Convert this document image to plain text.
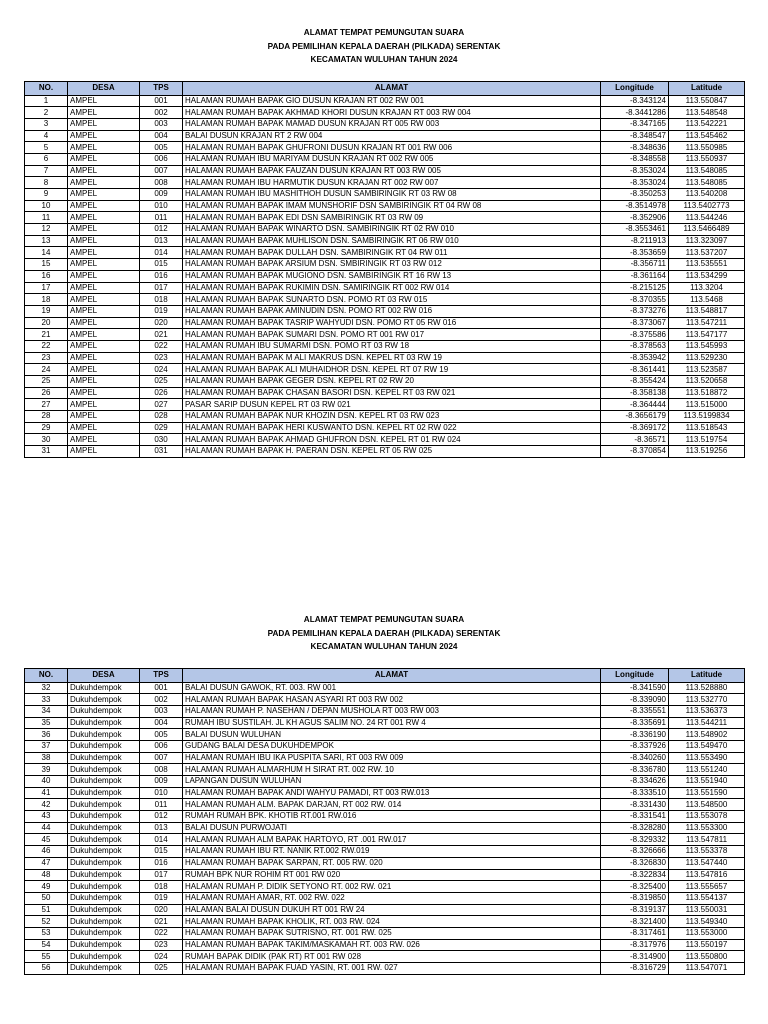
ALAMAT TEMPAT PEMUNGUTAN SUARA
PADA PEMILIHAN KEPALA DAERAH (PILKADA) SERENTAK
KECAMATAN WULUHAN TAHUN 2024
NO.	DESA	TPS	ALAMAT	Longitude	Latitude
1	AMPEL	001	HALAMAN RUMAH BAPAK GIO DUSUN KRAJAN RT 002 RW 001	-8.343124	113.550847
2	AMPEL	002	HALAMAN RUMAH BAPAK AKHMAD KHORI DUSUN KRAJAN RT 003 RW 004	-8.3441286	113.548548
3	AMPEL	003	HALAMAN RUMAH BAPAK MAMAD DUSUN KRAJAN RT 005 RW 003	-8.347165	113.542221
4	AMPEL	004	BALAI DUSUN KRAJAN RT 2 RW 004	-8.348547	113.545462
5	AMPEL	005	HALAMAN RUMAH BAPAK GHUFRONI DUSUN KRAJAN RT 001 RW 006	-8.348636	113.550985
6	AMPEL	006	HALAMAN RUMAH IBU MARIYAM DUSUN KRAJAN RT 002 RW 005	-8.348558	113.550937
7	AMPEL	007	HALAMAN RUMAH BAPAK FAUZAN DUSUN KRAJAN RT 003 RW 005	-8.353024	113.548085
8	AMPEL	008	HALAMAN RUMAH IBU HARMUTIK DUSUN KRAJAN RT 002 RW 007	-8.353024	113.548085
9	AMPEL	009	HALAMAN RUMAH IBU MASHITHOH DUSUN SAMBIRINGIK RT 03 RW 08	-8.350253	113.540208
10	AMPEL	010	HALAMAN RUMAH BAPAK IMAM MUNSHORIF DSN SAMBIRINGIK RT 04 RW 08	-8.3514978	113.5402773
11	AMPEL	011	HALAMAN RUMAH BAPAK EDI DSN SAMBIRINGIK RT 03 RW 09	-8.352906	113.544246
12	AMPEL	012	HALAMAN RUMAH BAPAK WINARTO DSN. SAMBIRINGIK RT 02 RW 010	-8.3553461	113.5466489
13	AMPEL	013	HALAMAN RUMAH BAPAK MUHLISON DSN. SAMBIRINGIK RT 06 RW 010	-8.211913	113.323097
14	AMPEL	014	HALAMAN RUMAH BAPAK DULLAH DSN. SAMBIRINGIK RT 04 RW 011	-8.353659	113.537207
15	AMPEL	015	HALAMAN RUMAH BAPAK ARSIUM DSN. SMBIRINGIK RT 03 RW 012	-8.356711	113.535551
16	AMPEL	016	HALAMAN RUMAH BAPAK MUGIONO DSN. SAMBIRINGIK RT 16 RW 13	-8.361164	113.534299
17	AMPEL	017	HALAMAN RUMAH BAPAK RUKIMIN DSN. SAMIRINGIK RT 002 RW 014	-8.215125	113.3204
18	AMPEL	018	HALAMAN RUMAH BAPAK SUNARTO DSN. POMO RT 03 RW 015	-8.370355	113.5468
19	AMPEL	019	HALAMAN RUMAH BAPAK AMINUDIN DSN. POMO RT 002 RW 016	-8.373276	113.548817
20	AMPEL	020	HALAMAN RUMAH BAPAK TASRIP WAHYUDI DSN. POMO RT 05 RW 016	-8.373067	113.547211
21	AMPEL	021	HALAMAN RUMAH BAPAK SUMARI DSN. POMO RT 001 RW 017	-8.375586	113.547177
22	AMPEL	022	HALAMAN RUMAH IBU SUMARMI DSN. POMO RT 03 RW 18	-8.378563	113.545993
23	AMPEL	023	HALAMAN RUMAH BAPAK M ALI MAKRUS DSN. KEPEL RT 03 RW 19	-8.353942	113.529230
24	AMPEL	024	HALAMAN RUMAH BAPAK ALI MUHAIDHOR DSN. KEPEL RT 07 RW 19	-8.361441	113.523587
25	AMPEL	025	HALAMAN RUMAH BAPAK GEGER DSN. KEPEL RT 02 RW 20	-8.355424	113.520658
26	AMPEL	026	HALAMAN RUMAH BAPAK CHASAN BASORI DSN. KEPEL RT 03 RW 021	-8.358138	113.518872
27	AMPEL	027	PASAR SARIP DUSUN KEPEL RT 03 RW 021	-8.364444	113.515000
28	AMPEL	028	HALAMAN RUMAH BAPAK NUR KHOZIN DSN. KEPEL RT 03 RW 023	-8.3656179	113.5199834
29	AMPEL	029	HALAMAN RUMAH BAPAK HERI KUSWANTO DSN. KEPEL RT 02 RW 022	-8.369172	113.518543
30	AMPEL	030	HALAMAN RUMAH BAPAK AHMAD GHUFRON DSN. KEPEL RT 01 RW 024	-8.36571	113.519754
31	AMPEL	031	HALAMAN RUMAH BAPAK H. PAERAN DSN. KEPEL RT 05 RW 025	-8.370854	113.519256
ALAMAT TEMPAT PEMUNGUTAN SUARA
PADA PEMILIHAN KEPALA DAERAH (PILKADA) SERENTAK
KECAMATAN WULUHAN TAHUN 2024
NO.	DESA	TPS	ALAMAT	Longitude	Latitude
32	Dukuhdempok	001	BALAI DUSUN GAWOK, RT. 003. RW 001	-8.341590	113.528880
33	Dukuhdempok	002	HALAMAN RUMAH BAPAK HASAN ASYARI RT 003 RW 002	-8.339090	113.532770
34	Dukuhdempok	003	HALAMAN RUMAH P. NASEHAN / DEPAN MUSHOLA RT 003 RW 003	-8.335551	113.536373
35	Dukuhdempok	004	RUMAH IBU SUSTILAH. JL KH AGUS SALIM NO. 24 RT 001 RW 4	-8.335691	113.544211
36	Dukuhdempok	005	BALAI DUSUN WULUHAN	-8.336190	113.548902
37	Dukuhdempok	006	GUDANG BALAI DESA DUKUHDEMPOK	-8.337926	113.549470
38	Dukuhdempok	007	HALAMAN RUMAH IBU IKA PUSPITA SARI, RT 003 RW 009	-8.340260	113.553490
39	Dukuhdempok	008	HALAMAN RUMAH ALMARHUM H SIRAT RT. 002 RW. 10	-8.336780	113.551240
40	Dukuhdempok	009	LAPANGAN DUSUN WULUHAN	-8.334626	113.551940
41	Dukuhdempok	010	HALAMAN RUMAH BAPAK ANDI WAHYU PAMADI, RT 003 RW.013	-8.333510	113.551590
42	Dukuhdempok	011	HALAMAN RUMAH ALM. BAPAK DARJAN, RT 002 RW. 014	-8.331430	113.548500
43	Dukuhdempok	012	RUMAH RUMAH BPK. KHOTIB RT.001 RW.016	-8.331541	113.553078
44	Dukuhdempok	013	BALAI DUSUN PURWOJATI	-8.328280	113.553300
45	Dukuhdempok	014	HALAMAN RUMAH ALM BAPAK HARTOYO, RT .001 RW.017	-8.329332	113.547811
46	Dukuhdempok	015	HALAMAN RUMAH IBU RT. NANIK RT.002 RW.019	-8.326666	113.553378
47	Dukuhdempok	016	HALAMAN RUMAH BAPAK SARPAN, RT. 005 RW. 020	-8.326830	113.547440
48	Dukuhdempok	017	RUMAH BPK NUR ROHIM RT 001 RW 020	-8.322834	113.547816
49	Dukuhdempok	018	HALAMAN RUMAH P. DIDIK SETYONO RT. 002 RW. 021	-8.325400	113.555657
50	Dukuhdempok	019	HALAMAN RUMAH AMAR, RT. 002 RW. 022	-8.319850	113.554137
51	Dukuhdempok	020	HALAMAN BALAI DUSUN DUKUH RT 001 RW 24	-8.319137	113.550031
52	Dukuhdempok	021	HALAMAN RUMAH BAPAK KHOLIK, RT. 003 RW. 024	-8.321400	113.549340
53	Dukuhdempok	022	HALAMAN RUMAH BAPAK SUTRISNO, RT. 001 RW. 025	-8.317461	113.553000
54	Dukuhdempok	023	HALAMAN RUMAH BAPAK TAKIM/MASKAMAH RT. 003 RW. 026	-8.317976	113.550197
55	Dukuhdempok	024	RUMAH BAPAK DIDIK (PAK RT) RT 001 RW 028	-8.314900	113.550800
56	Dukuhdempok	025	HALAMAN RUMAH BAPAK FUAD YASIN, RT. 001 RW. 027	-8.316729	113.547071
